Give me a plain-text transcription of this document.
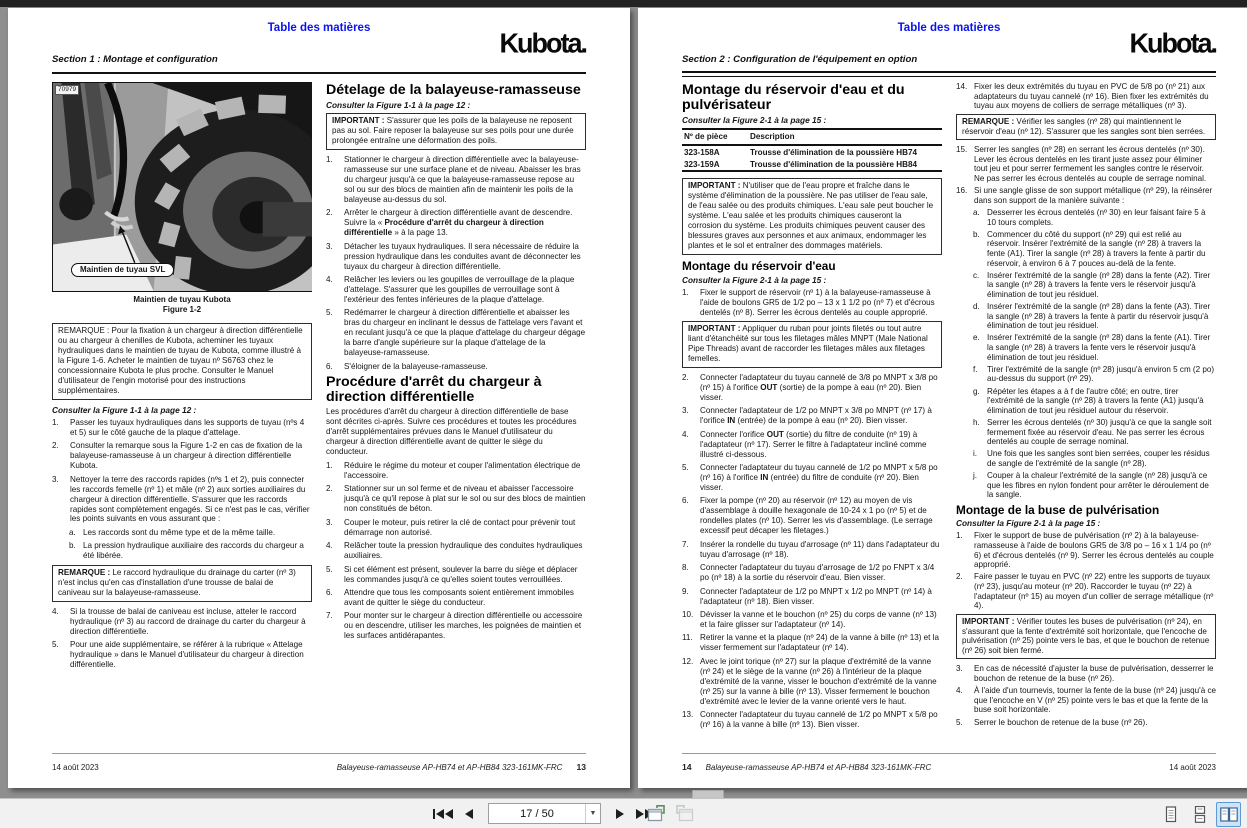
Table des matières
Section 1 : Montage et configuration
Kubota.
70979
Maintien de tuyau SVL
Maintien de tuyau Kubota
Figure 1-2
REMARQUE : Pour la fixation à un chargeur à direction différentielle ou au chargeur à chenilles de Kubota, acheminer les tuyaux hydrauliques dans le maintien de tuyau de Kubota, comme illustré à la Figure 1-6. Acheter le maintien de tuyau nº S6763 chez le concessionnaire Kubota le plus proche. Consulter le Manuel d'utilisateur de l'engin motorisé pour des instructions supplémentaires.
Consulter la Figure 1-1 à la page 12 :
1.	Passer les tuyaux hydrauliques dans les supports de tuyau (nºs 4 et 5) sur le côté gauche de la plaque d'attelage.
2.	Consulter la remarque sous la Figure 1-2 en cas de fixation de la balayeuse-ramasseuse à un chargeur à direction différentielle Kubota.
3.	Nettoyer la terre des raccords rapides (nºs 1 et 2), puis connecter les raccords femelle (nº 1) et mâle (nº 2) aux sorties auxiliaires du chargeur à direction différentielle. S'assurer que les raccords rapides sont complètement engagés. Si ce n'est pas le cas, vérifier les points suivants en vous assurant que :
a. Les raccords sont du même type et de la même taille.
b. La pression hydraulique auxiliaire des raccords du chargeur a été libérée.
REMARQUE : Le raccord hydraulique du drainage du carter (nº 3) n'est inclus qu'en cas d'installation d'une trousse de balai de caniveau sur la balayeuse-ramasseuse.
4.	Si la trousse de balai de caniveau est incluse, atteler le raccord hydraulique (nº 3) au raccord de drainage du carter du chargeur à direction différentielle.
5.	Pour une aide supplémentaire, se référer à la rubrique « Attelage hydraulique » dans le Manuel d'utilisateur du chargeur à direction différentielle.
Dételage de la balayeuse-ramasseuse
Consulter la Figure 1-1 à la page 12 :
IMPORTANT : S'assurer que les poils de la balayeuse ne reposent pas au sol. Faire reposer la balayeuse sur ses poils pour une durée prolongée entraîne une déformation des poils.
1.	Stationner le chargeur à direction différentielle avec la balayeuse-ramasseuse sur une surface plane et de niveau. Abaisser les bras du chargeur jusqu'à ce que la balayeuse-ramasseuse repose au sol ou sur des blocs de maintien afin de maintenir les poils de la balayeuse au-dessus du sol.
2.	Arrêter le chargeur à direction différentielle avant de descendre. Suivre la « Procédure d'arrêt du chargeur à direction différentielle » à la page 13.
3.	Détacher les tuyaux hydrauliques. Il sera nécessaire de réduire la pression hydraulique dans les conduites avant de déconnecter les tuyaux du chargeur à direction différentielle.
4.	Relâcher les leviers ou les goupilles de verrouillage de la plaque d'attelage. S'assurer que les goupilles de verrouillage sont à l'extérieur des fentes inférieures de la plaque d'attelage.
5.	Redémarrer le chargeur à direction différentielle et abaisser les bras du chargeur en inclinant le dessus de l'attelage vers l'avant et en reculant jusqu'à ce que la plaque d'attelage du chargeur dégage la barre d'angle supérieure sur la plaque d'attelage de la balayeuse-ramasseuse.
6.	S'éloigner de la balayeuse-ramasseuse.
Procédure d'arrêt du chargeur à direction différentielle
Les procédures d'arrêt du chargeur à direction différentielle de base sont décrites ci-après. Suivre ces procédures et toutes les procédures d'arrêt supplémentaires prévues dans le Manuel d'utilisateur du chargeur à direction différentielle avant de quitter le siège du conducteur.
1.	Réduire le régime du moteur et couper l'alimentation électrique de l'accessoire.
2.	Stationner sur un sol ferme et de niveau et abaisser l'accessoire jusqu'à ce qu'il repose à plat sur le sol ou sur des blocs de maintien non constitués de béton.
3.	Couper le moteur, puis retirer la clé de contact pour prévenir tout démarrage non autorisé.
4.	Relâcher toute la pression hydraulique des conduites hydrauliques auxiliaires.
5.	Si cet élément est présent, soulever la barre du siège et déplacer les commandes jusqu'à ce qu'elles soient toutes verrouillées.
6.	Attendre que tous les composants soient entièrement immobiles avant de quitter le siège du conducteur.
7.	Pour monter sur le chargeur à direction différentielle ou accessoire ou en descendre, utiliser les marches, les poignées de maintien et les surfaces antidérapantes.
14 août 2023	Balayeuse-ramasseuse AP-HB74 et AP-HB84 323-161MK-FRC 13
Table des matières
Section 2 : Configuration de l'équipement en option
Kubota.
Montage du réservoir d'eau et du pulvérisateur
Consulter la Figure 2-1 à la page 15 :
Nº de pièce	Description
323-158A	Trousse d'élimination de la poussière HB74
323-159A	Trousse d'élimination de la poussière HB84
IMPORTANT : N'utiliser que de l'eau propre et fraîche dans le système d'élimination de la poussière. Ne pas utiliser de l'eau sale, de l'eau salée ou des produits chimiques. L'eau sale peut boucher le système. L'eau salée et les produits chimiques causeront la corrosion du système. Les produits chimiques peuvent causer des blessures graves aux personnes et aux animaux, endommager les plantes et le sol et entraîner des dommages matériels.
Montage du réservoir d'eau
Consulter la Figure 2-1 à la page 15 :
1.	Fixer le support de réservoir (nº 1) à la balayeuse-ramasseuse à l'aide de boulons GR5 de 1/2 po – 13 x 1 1/2 po (nº 7) et d'écrous dentelés (nº 8). Serrer les écrous dentelés au couple approprié.
IMPORTANT : Appliquer du ruban pour joints filetés ou tout autre liant d'étanchéité sur tous les filetages mâles MNPT (Male National Pipe Threads) avant de raccorder les filetages mâles aux filetages femelles.
2.	Connecter l'adaptateur du tuyau cannelé de 3/8 po MNPT x 3/8 po (nº 15) à l'orifice OUT (sortie) de la pompe à eau (nº 20). Bien visser.
3.	Connecter l'adaptateur de 1/2 po MNPT x 3/8 po MNPT (nº 17) à l'orifice IN (entrée) de la pompe à eau (nº 20). Bien visser.
4.	Connecter l'orifice OUT (sortie) du filtre de conduite (nº 19) à l'adaptateur (nº 17). Serrer le filtre à l'adaptateur incliné comme illustré ci-dessous.
5.	Connecter l'adaptateur du tuyau cannelé de 1/2 po MNPT x 5/8 po (nº 16) à l'orifice IN (entrée) du filtre de conduite (nº 20). Bien visser.
6.	Fixer la pompe (nº 20) au réservoir (nº 12) au moyen de vis d'assemblage à douille hexagonale de 10-24 x 1 po (nº 5) et de rondelles plates (nº 10). Serrer les vis d'assemblage. (Le serrage excessif peut décaper les filetages.)
7.	Insérer la rondelle du tuyau d'arrosage (nº 11) dans l'adaptateur du tuyau d'arrosage (nº 18).
8.	Connecter l'adaptateur du tuyau d'arrosage de 1/2 po FNPT x 3/4 po (nº 18) à la sortie du réservoir d'eau. Bien visser.
9.	Connecter l'adaptateur de 1/2 po MNPT x 1/2 po MNPT (nº 14) à l'adaptateur (nº 18). Bien visser.
10. Dévisser la vanne et le bouchon (nº 25) du corps de vanne (nº 13) et la faire glisser sur l'adaptateur (nº 14).
11. Retirer la vanne et la plaque (nº 24) de la vanne à bille (nº 13) et la visser fermement sur l'adaptateur (nº 14).
12. Avec le joint torique (nº 27) sur la plaque d'extrémité de la vanne (nº 24) et le siège de la vanne (nº 26) à l'intérieur de la plaque d'extrémité de la vanne, visser le bouchon d'extrémité de la vanne (nº 25) sur la vanne à bille (nº 13). Visser fermement le bouchon d'extrémité avec le levier de la vanne orienté vers le haut.
13. Connecter l'adaptateur du tuyau cannelé de 1/2 po MNPT x 5/8 po (nº 16) à la vanne à bille (nº 13). Bien visser.
14. Fixer les deux extrémités du tuyau en PVC de 5/8 po (nº 21) aux adaptateurs du tuyau cannelé (nº 16). Bien fixer les extrémités du tuyau aux moyens de colliers de serrage métalliques (nº 3).
REMARQUE : Vérifier les sangles (nº 28) qui maintiennent le réservoir d'eau (nº 12). S'assurer que les sangles sont bien serrées.
15. Serrer les sangles (nº 28) en serrant les écrous dentelés (nº 30). Lever les écrous dentelés en les tirant juste assez pour éliminer tout jeu et pour serrer fermement les sangles contre le réservoir. Ne pas serrer les écrous dentelés au couple de serrage nominal.
16. Si une sangle glisse de son support métallique (nº 29), la réinsérer dans son support de la manière suivante :
a. Desserrer les écrous dentelés (nº 30) en leur faisant faire 5 à 10 tours complets.
b. Commencer du côté du support (nº 29) qui est relié au réservoir. Insérer l'extrémité de la sangle (nº 28) à travers la fente (A1). Tirer la sangle (nº 28) à travers la fente à partir du réservoir, à environ 6 à 7 pouces au-delà de la fente.
c. Insérer l'extrémité de la sangle (nº 28) dans la fente (A2). Tirer la sangle (nº 28) à travers la fente vers le réservoir jusqu'à élimination de tout jeu résiduel.
d. Insérer l'extrémité de la sangle (nº 28) dans la fente (A3). Tirer la sangle (nº 28) à travers la fente à partir du réservoir jusqu'à élimination de tout jeu résiduel.
e. Insérer l'extrémité de la sangle (nº 28) dans la fente (A1). Tirer la sangle (nº 28) à travers la fente vers le réservoir jusqu'à élimination de tout jeu résiduel.
f.	Tirer l'extrémité de la sangle (nº 28) jusqu'à environ 5 cm (2 po) au-dessus du support (nº 29).
g. Répéter les étapes a à f de l'autre côté; en outre, tirer l'extrémité de la sangle (nº 28) à travers la fente (A1) jusqu'à élimination de tout jeu résiduel autour du réservoir.
h. Serrer les écrous dentelés (nº 30) jusqu'à ce que la sangle soit fermement fixée au réservoir d'eau. Ne pas serrer les écrous dentelés au couple de serrage nominal.
i.	Une fois que les sangles sont bien serrées, couper les résidus de sangle de l'extrémité de la sangle (nº 28).
j.	Couper à la chaleur l'extrémité de la sangle (nº 28) jusqu'à ce que les fibres en nylon fondent pour arrêter le déroulement de la sangle.
Montage de la buse de pulvérisation
Consulter la Figure 2-1 à la page 15 :
1.	Fixer le support de buse de pulvérisation (nº 2) à la balayeuse-ramasseuse à l'aide de boulons GR5 de 3/8 po – 16 x 1 1/4 po (nº 6) et d'écrous dentelés (nº 9). Serrer les écrous dentelés au couple approprié.
2.	Faire passer le tuyau en PVC (nº 22) entre les supports de tuyaux (nº 23), jusqu'au moteur (nº 20). Raccorder le tuyau (nº 22) à l'adaptateur (nº 15) au moyen d'un collier de serrage métallique (nº 4).
IMPORTANT : Vérifier toutes les buses de pulvérisation (nº 24), en s'assurant que la fente d'extrémité soit horizontale, que l'encoche de pulvérisation (nº 25) pointe vers le bas, et que le bouchon de retenue (nº 26) soit bien fermé.
3.	En cas de nécessité d'ajuster la buse de pulvérisation, desserrer le bouchon de retenue de la buse (nº 26).
4.	À l'aide d'un tournevis, tourner la fente de la buse (nº 24) jusqu'à ce que l'encoche en V (nº 25) pointe vers le bas et que la fente de la buse soit horizontale.
5.	Serrer le bouchon de retenue de la buse (nº 26).
14 Balayeuse-ramasseuse AP-HB74 et AP-HB84 323-161MK-FRC	14 août 2023
17 / 50
▼
